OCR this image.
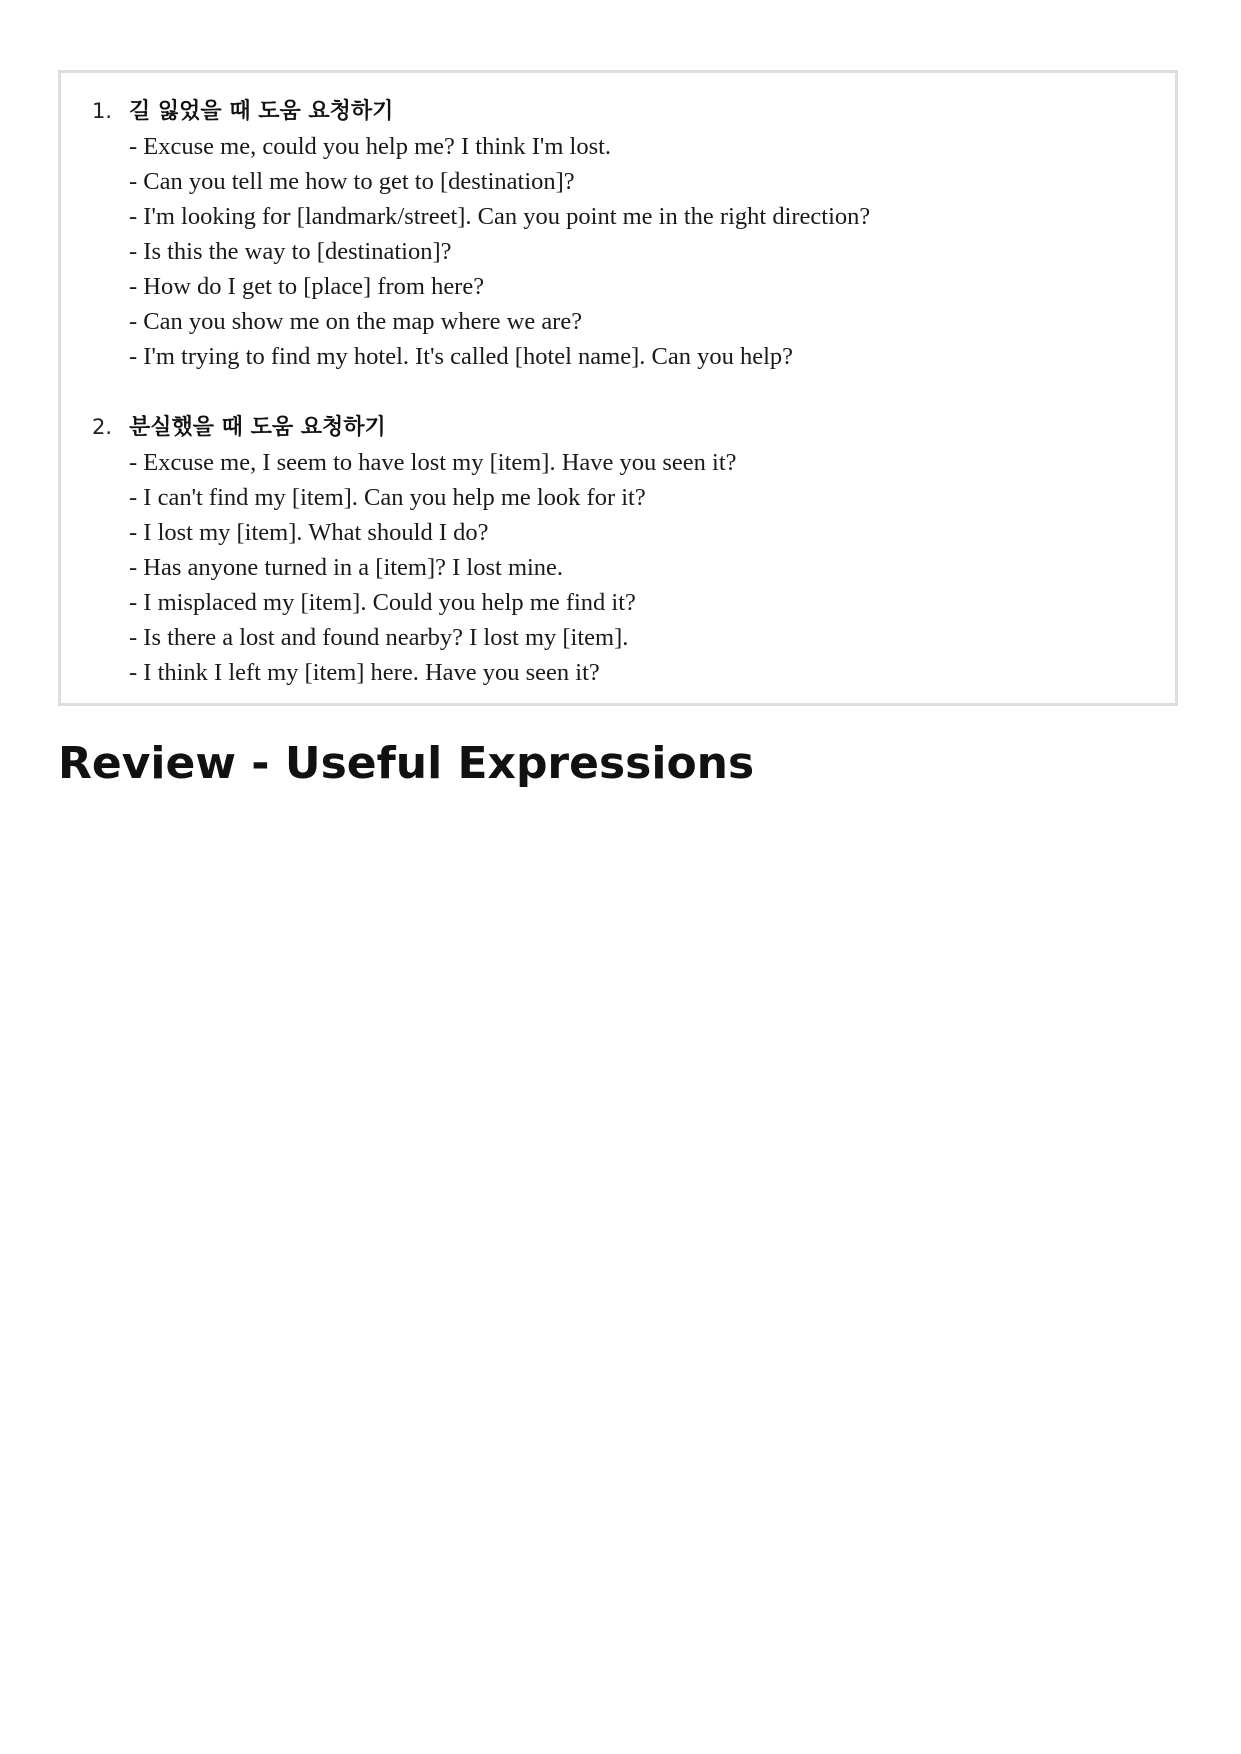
1. 길 잃었을 때 도움 요청하기
- Excuse me, could you help me? I think I'm lost.
- Can you tell me how to get to [destination]?
- I'm looking for [landmark/street]. Can you point me in the right direction?
- Is this the way to [destination]?
- How do I get to [place] from here?
- Can you show me on the map where we are?
- I'm trying to find my hotel. It's called [hotel name]. Can you help?
2. 분실했을 때 도움 요청하기
- Excuse me, I seem to have lost my [item]. Have you seen it?
- I can't find my [item]. Can you help me look for it?
- I lost my [item]. What should I do?
- Has anyone turned in a [item]? I lost mine.
- I misplaced my [item]. Could you help me find it?
- Is there a lost and found nearby? I lost my [item].
- I think I left my [item] here. Have you seen it?
Review - Useful Expressions
